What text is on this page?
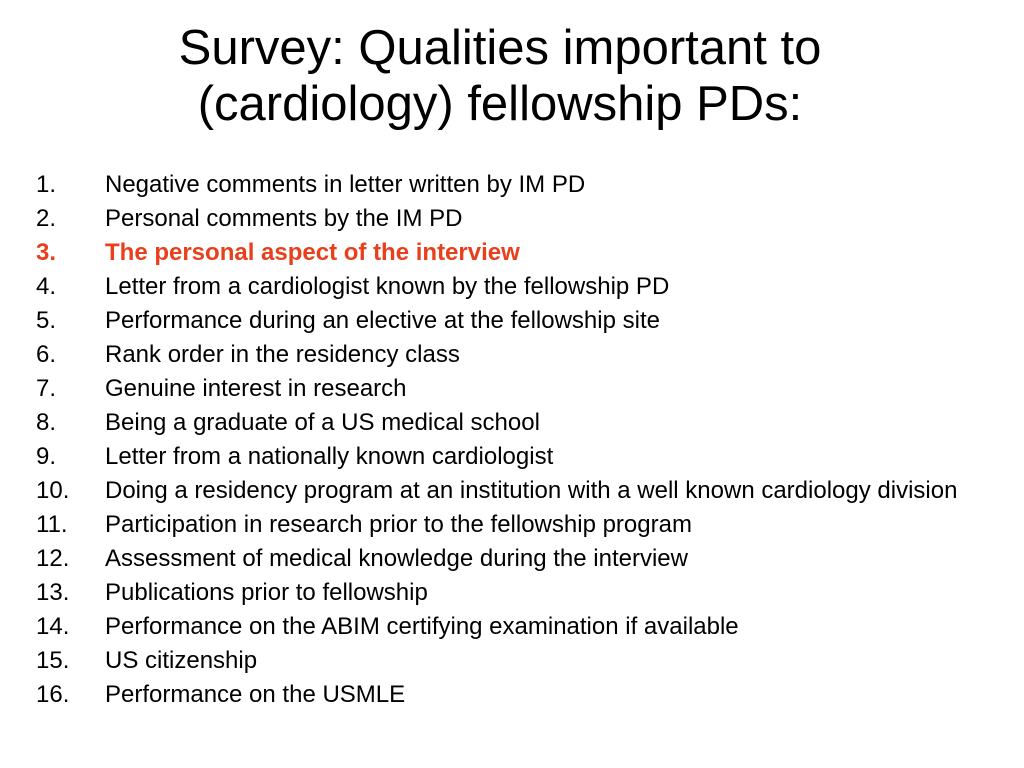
Survey: Qualities important to
(cardiology) fellowship PDs:
1.	Negative comments in letter written by IM PD
2.	Personal comments by the IM PD
3.	The personal aspect of the interview
4.	Letter from a cardiologist known by the fellowship PD
5.	Performance during an elective at the fellowship site
6.	Rank order in the residency class
7.	Genuine interest in research
8.	Being a graduate of a US medical school
9.	Letter from a nationally known cardiologist
10.	Doing a residency program at an institution with a well known cardiology division
11.	Participation in research prior to the fellowship program
12.	Assessment of medical knowledge during the interview
13.	Publications prior to fellowship
14.	Performance on the ABIM certifying examination if available
15.	US citizenship
16.	Performance on the USMLE
